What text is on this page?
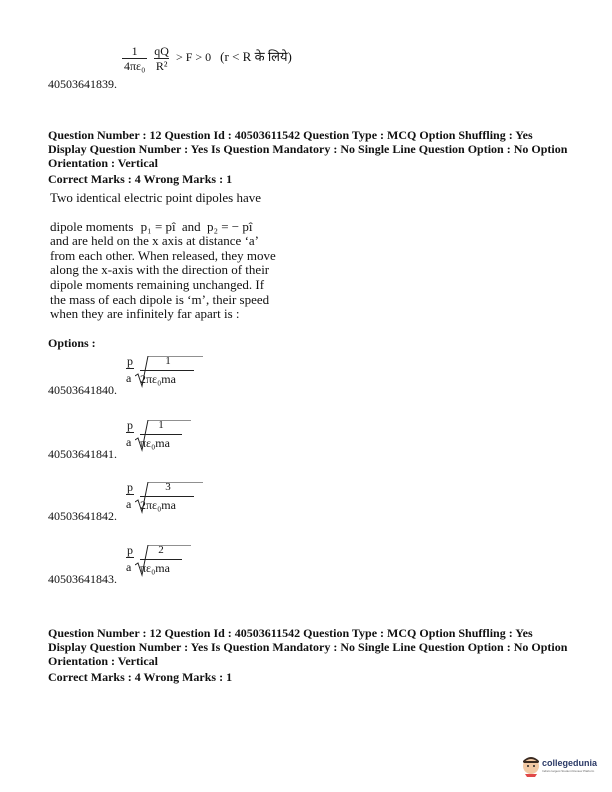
$\frac{1}{\text{4πε₀}}$
$\frac{qQ}{\text{R²}} > F > 0$ (r < R के लिये)
40503641839.
Question Number : 12 Question Id : 40503611542 Question Type : MCQ Option Shuffling : Yes
Display Question Number : Yes Is Question Mandatory : No Single Line Question Option : No Option
Orientation : Vertical
Correct Marks : 4 Wrong Marks : 1
Two identical electric point dipoles have
dipole moments p₁ = pî and p₂ = − pî
and are held on the x axis at distance ‘a’
from each other. When released, they move
along the x-axis with the direction of their
dipole moments remaining unchanged. If
the mass of each dipole is ‘m’, their speed
when they are infinitely far apart is :
Options :
p
a
1
2πε₀ma
40503641840.
p
a
1
πε₀ma
40503641841.
p
a
3
2πε₀ma
40503641842.
p
a
2
πε₀ma
40503641843.
Question Number : 12 Question Id : 40503611542 Question Type : MCQ Option Shuffling : Yes
Display Question Number : Yes Is Question Mandatory : No Single Line Question Option : No Option
Orientation : Vertical
Correct Marks : 4 Wrong Marks : 1
collegedunia
India's largest Student Review Platform
